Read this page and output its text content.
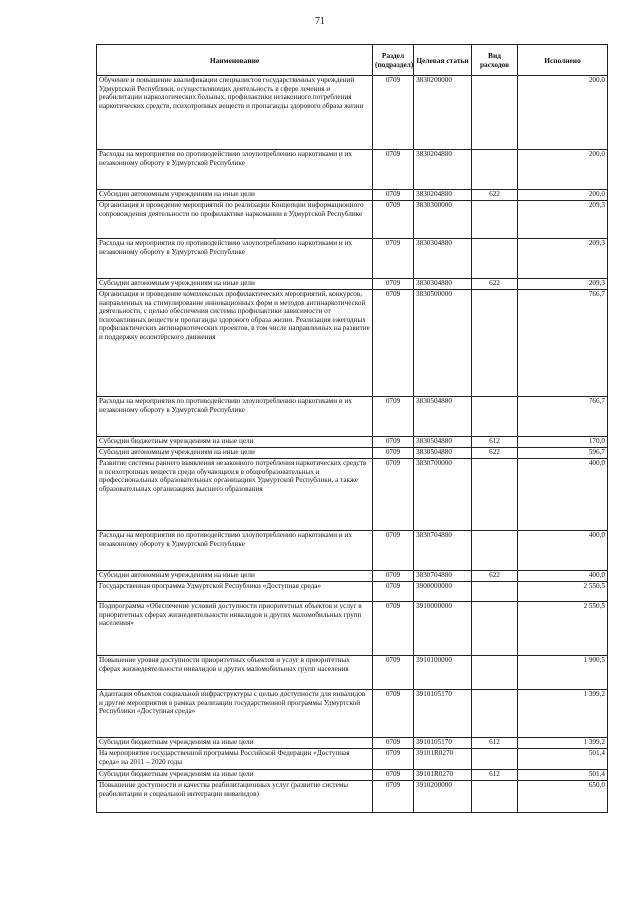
71
Наименование	Раздел (подраздел)	Целевая статьи	Вид расходов	Исполнено
Обучение и повышение квалификации специалистов государственных учреждений Удмуртской Республики, осуществляющих деятельность в сфере лечения и реабилитации наркологических больных, профилактики незаконного потребления наркотических средств, психотропных веществ и пропаганды здорового образа жизни	0709	3830200000		200,0
Расходы на мероприятия по противодействию злоупотреблению наркотиками и их незаконному обороту в Удмуртской Республике	0709	3830204880		200,0
Субсидии автономным учреждениям на иные цели	0709	3830204880	622	200,0
Организация и проведение мероприятий по реализации Концепции информационного сопровождения деятельности по профилактике наркомании в Удмуртской Республике	0709	3830300000		209,3
Расходы на мероприятия по противодействию злоупотреблению наркотиками и их незаконному обороту в Удмуртской Республике	0709	3830304880		209,3
Субсидии автономным учреждениям на иные цели	0709	3830304880	622	209,3
Организация и проведение комплексных профилактических мероприятий, конкурсов, направленных на стимулирование инновационных форм и методов антинаркотической деятельности, с целью обеспечения системы профилактики зависимости от психоактивных веществ и пропаганды здорового образа жизни. Реализация ежегодных профилактических антинаркотических проектов, в том числе направленных на развитие и поддержку волонтёрского движения	0709	3830500000		766,7
Расходы на мероприятия по противодействию злоупотреблению наркотиками и их незаконному обороту в Удмуртской Республике	0709	3830504880		766,7
Субсидии бюджетным учреждениям на иные цели	0709	3830504880	612	170,0
Субсидии автономным учреждениям на иные цели	0709	3830504880	622	596,7
Развитие системы раннего выявления незаконного потребления наркотических средств и психотропных веществ среди обучающихся в общеобразовательных и профессиональных образовательных организациях Удмуртской Республики, а также образовательных организациях высшего образования	0709	3830700000		400,0
Расходы на мероприятия по противодействию злоупотреблению наркотиками и их незаконному обороту в Удмуртской Республике	0709	3830704880		400,0
Субсидии автономным учреждениям на иные цели	0709	3830704880	622	400,0
Государственная программа Удмуртской Республики «Доступная среда»	0709	3900000000		2 550,5
Подпрограмма «Обеспечение условий доступности приоритетных объектов и услуг в приоритетных сферах жизнедеятельности инвалидов и других маломобильных групп населения»	0709	3910000000		2 550,5
Повышение уровня доступности приоритетных объектов и услуг в приоритетных сферах жизнедеятельности инвалидов и других маломобильных групп населения	0709	3910100000		1 900,5
Адаптация объектов социальной инфраструктуры с целью доступности для инвалидов и другие мероприятия в рамках реализации государственной программы Удмуртской Республики «Доступная среда»	0709	3910105170		1 399,2
Субсидии бюджетным учреждениям на иные цели	0709	3910105170	612	1 399,2
На мероприятия государственной программы Российской Федерации «Доступная среда» на 2011 – 2020 годы	0709	39101R0270		501,4
Субсидии бюджетным учреждениям на иные цели	0709	39101R0270	612	501,4
Повышение доступности и качества реабилитационных услуг (развитие системы реабилитации и социальной интеграции инвалидов)	0709	3910200000		650,0
